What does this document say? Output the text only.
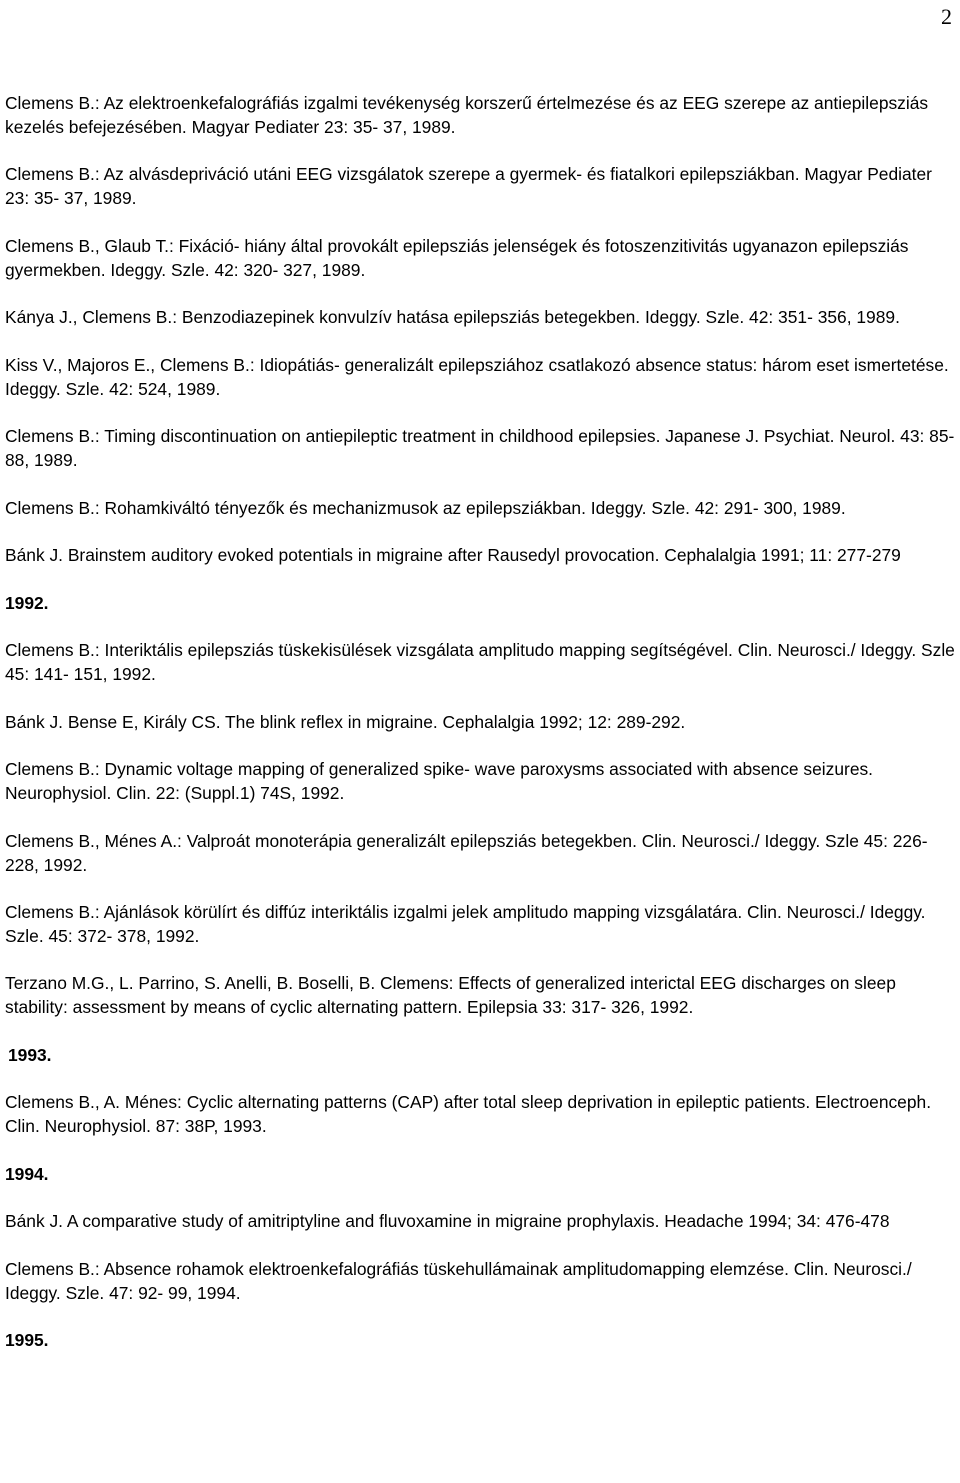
2

Clemens B.: Az elektroenkefalográfiás izgalmi tevékenység korszerű értelmezése és az EEG szerepe az antiepilepsziás kezelés befejezésében. Magyar Pediater 23: 35- 37, 1989.

Clemens B.: Az alvásdepriváció utáni EEG vizsgálatok szerepe a gyermek- és fiatalkori epilepsziákban. Magyar Pediater 23: 35- 37, 1989.

Clemens B., Glaub T.: Fixáció- hiány által provokált epilepsziás jelenségek és fotoszenzitivitás ugyanazon epilepsziás gyermekben. Ideggy. Szle. 42: 320- 327, 1989.

Kánya J., Clemens B.: Benzodiazepinek konvulzív hatása epilepsziás betegekben. Ideggy. Szle. 42: 351- 356, 1989.

Kiss V., Majoros E., Clemens B.: Idiopátiás- generalizált epilepsziához csatlakozó absence status: három eset ismertetése. Ideggy. Szle. 42: 524, 1989.

Clemens B.: Timing discontinuation on antiepileptic treatment in childhood epilepsies. Japanese J. Psychiat. Neurol. 43: 85- 88, 1989.

Clemens B.: Rohamkiváltó tényezők és mechanizmusok az epilepsziákban. Ideggy. Szle. 42: 291- 300, 1989.

Bánk J. Brainstem auditory evoked potentials in migraine after Rausedyl provocation. Cephalalgia 1991; 11: 277-279

1992.

Clemens B.: Interiktális epilepsziás tüskekisülések vizsgálata amplitudo mapping segítségével. Clin. Neurosci./ Ideggy. Szle 45: 141- 151, 1992.

Bánk J. Bense E, Király CS. The blink reflex in migraine. Cephalalgia 1992; 12: 289-292.

Clemens B.: Dynamic voltage mapping of generalized spike- wave paroxysms associated with absence seizures. Neurophysiol. Clin. 22: (Suppl.1) 74S, 1992.

Clemens B., Ménes A.: Valproát monoterápia generalizált epilepsziás betegekben. Clin. Neurosci./ Ideggy. Szle 45: 226- 228, 1992.

Clemens B.: Ajánlások körülírt és diffúz interiktális izgalmi jelek amplitudo mapping vizsgálatára. Clin. Neurosci./ Ideggy. Szle. 45: 372- 378, 1992.

Terzano M.G., L. Parrino, S. Anelli, B. Boselli, B. Clemens: Effects of generalized interictal EEG discharges on sleep stability: assessment by means of cyclic alternating pattern. Epilepsia 33: 317- 326, 1992.

1993.

Clemens B., A. Ménes: Cyclic alternating patterns (CAP) after total sleep deprivation in epileptic patients. Electroenceph. Clin. Neurophysiol. 87: 38P, 1993.

1994.

Bánk J. A comparative study of amitriptyline and fluvoxamine in migraine prophylaxis. Headache 1994; 34: 476-478

Clemens B.: Absence rohamok elektroenkefalográfiás tüskehullámainak amplitudomapping elemzése. Clin. Neurosci./ Ideggy. Szle. 47: 92- 99, 1994.

1995.
